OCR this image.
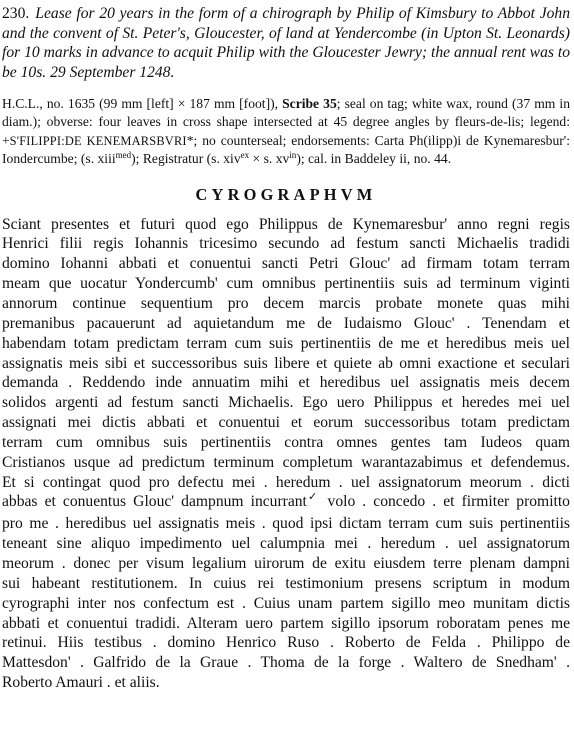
230. Lease for 20 years in the form of a chirograph by Philip of Kimsbury to Abbot John and the convent of St. Peter's, Gloucester, of land at Yendercombe (in Upton St. Leonards) for 10 marks in advance to acquit Philip with the Gloucester Jewry; the annual rent was to be 10s. 29 September 1248.

H.C.L., no. 1635 (99 mm [left] × 187 mm [foot]), Scribe 35; seal on tag; white wax, round (37 mm in diam.); obverse: four leaves in cross shape intersected at 45 degree angles by fleurs-de-lis; legend: +S'FILIPPI:DE KENEMARSBVRI*; no counterseal; endorsements: Carta Ph(ilipp)i de Kynemaresbur': Iondercumbe; (s. xiii$^{med}$); Registratur (s. xiv$^{ex}$ × s. $xv^{in}$); cal. in Baddeley ii, no. 44.

CYROGRAPHVM
Sciant presentes et futuri quod ego Philippus de Kynemaresbur' anno regni regis
Henrici filii regis Iohannis tricesimo secundo ad festum sancti Michaelis tradidi
domino Iohanni abbati et conuentui sancti Petri Glouc' ad firmam totam terram
meam que uocatur Yondercumb' cum omnibus pertinentiis suis ad terminum viginti
annorum continue sequentium pro decem marcis probate monete quas mihi
premanibus pacauerunt ad aquietandum me de Iudaismo Glouc' . Tenendam et
habendam totam predictam terram cum suis pertinentiis de me et heredibus meis uel
assignatis meis sibi et successoribus suis libere et quiete ab omni exactione et seculari
demanda . Reddendo inde annuatim mihi et heredibus uel assignatis meis decem
solidos argenti ad festum sancti Michaelis. Ego uero Philippus et heredes mei uel
assignati mei dictis abbati et conuentui et eorum successoribus totam predictam
terram cum omnibus suis pertinentiis contra omnes gentes tam Iudeos quam
Cristianos usque ad predictum terminum completum warantazabimus et defendemus.
Et si contingat quod pro defectu mei . heredum . uel assignatorum meorum . dicti
abbas et conuentus Glouc' dampnum incurrant✓ volo . concedo . et firmiter promitto
pro me . heredibus uel assignatis meis . quod ipsi dictam terram cum suis pertinentiis
teneant sine aliquo impedimento uel calumpnia mei . heredum . uel assignatorum
meorum . donec per visum legalium uirorum de exitu eiusdem terre plenam dampni
sui habeant restitutionem. In cuius rei testimonium presens scriptum in modum
cyrographi inter nos confectum est . Cuius unam partem sigillo meo munitam dictis
abbati et conuentui tradidi. Alteram uero partem sigillo ipsorum roboratam penes me
retinui. Hiis testibus . domino Henrico Ruso . Roberto de Felda . Philippo de
Mattesdon' . Galfrido de la Graue . Thoma de la forge . Waltero de Snedham' .
Roberto Amauri . et aliis.
